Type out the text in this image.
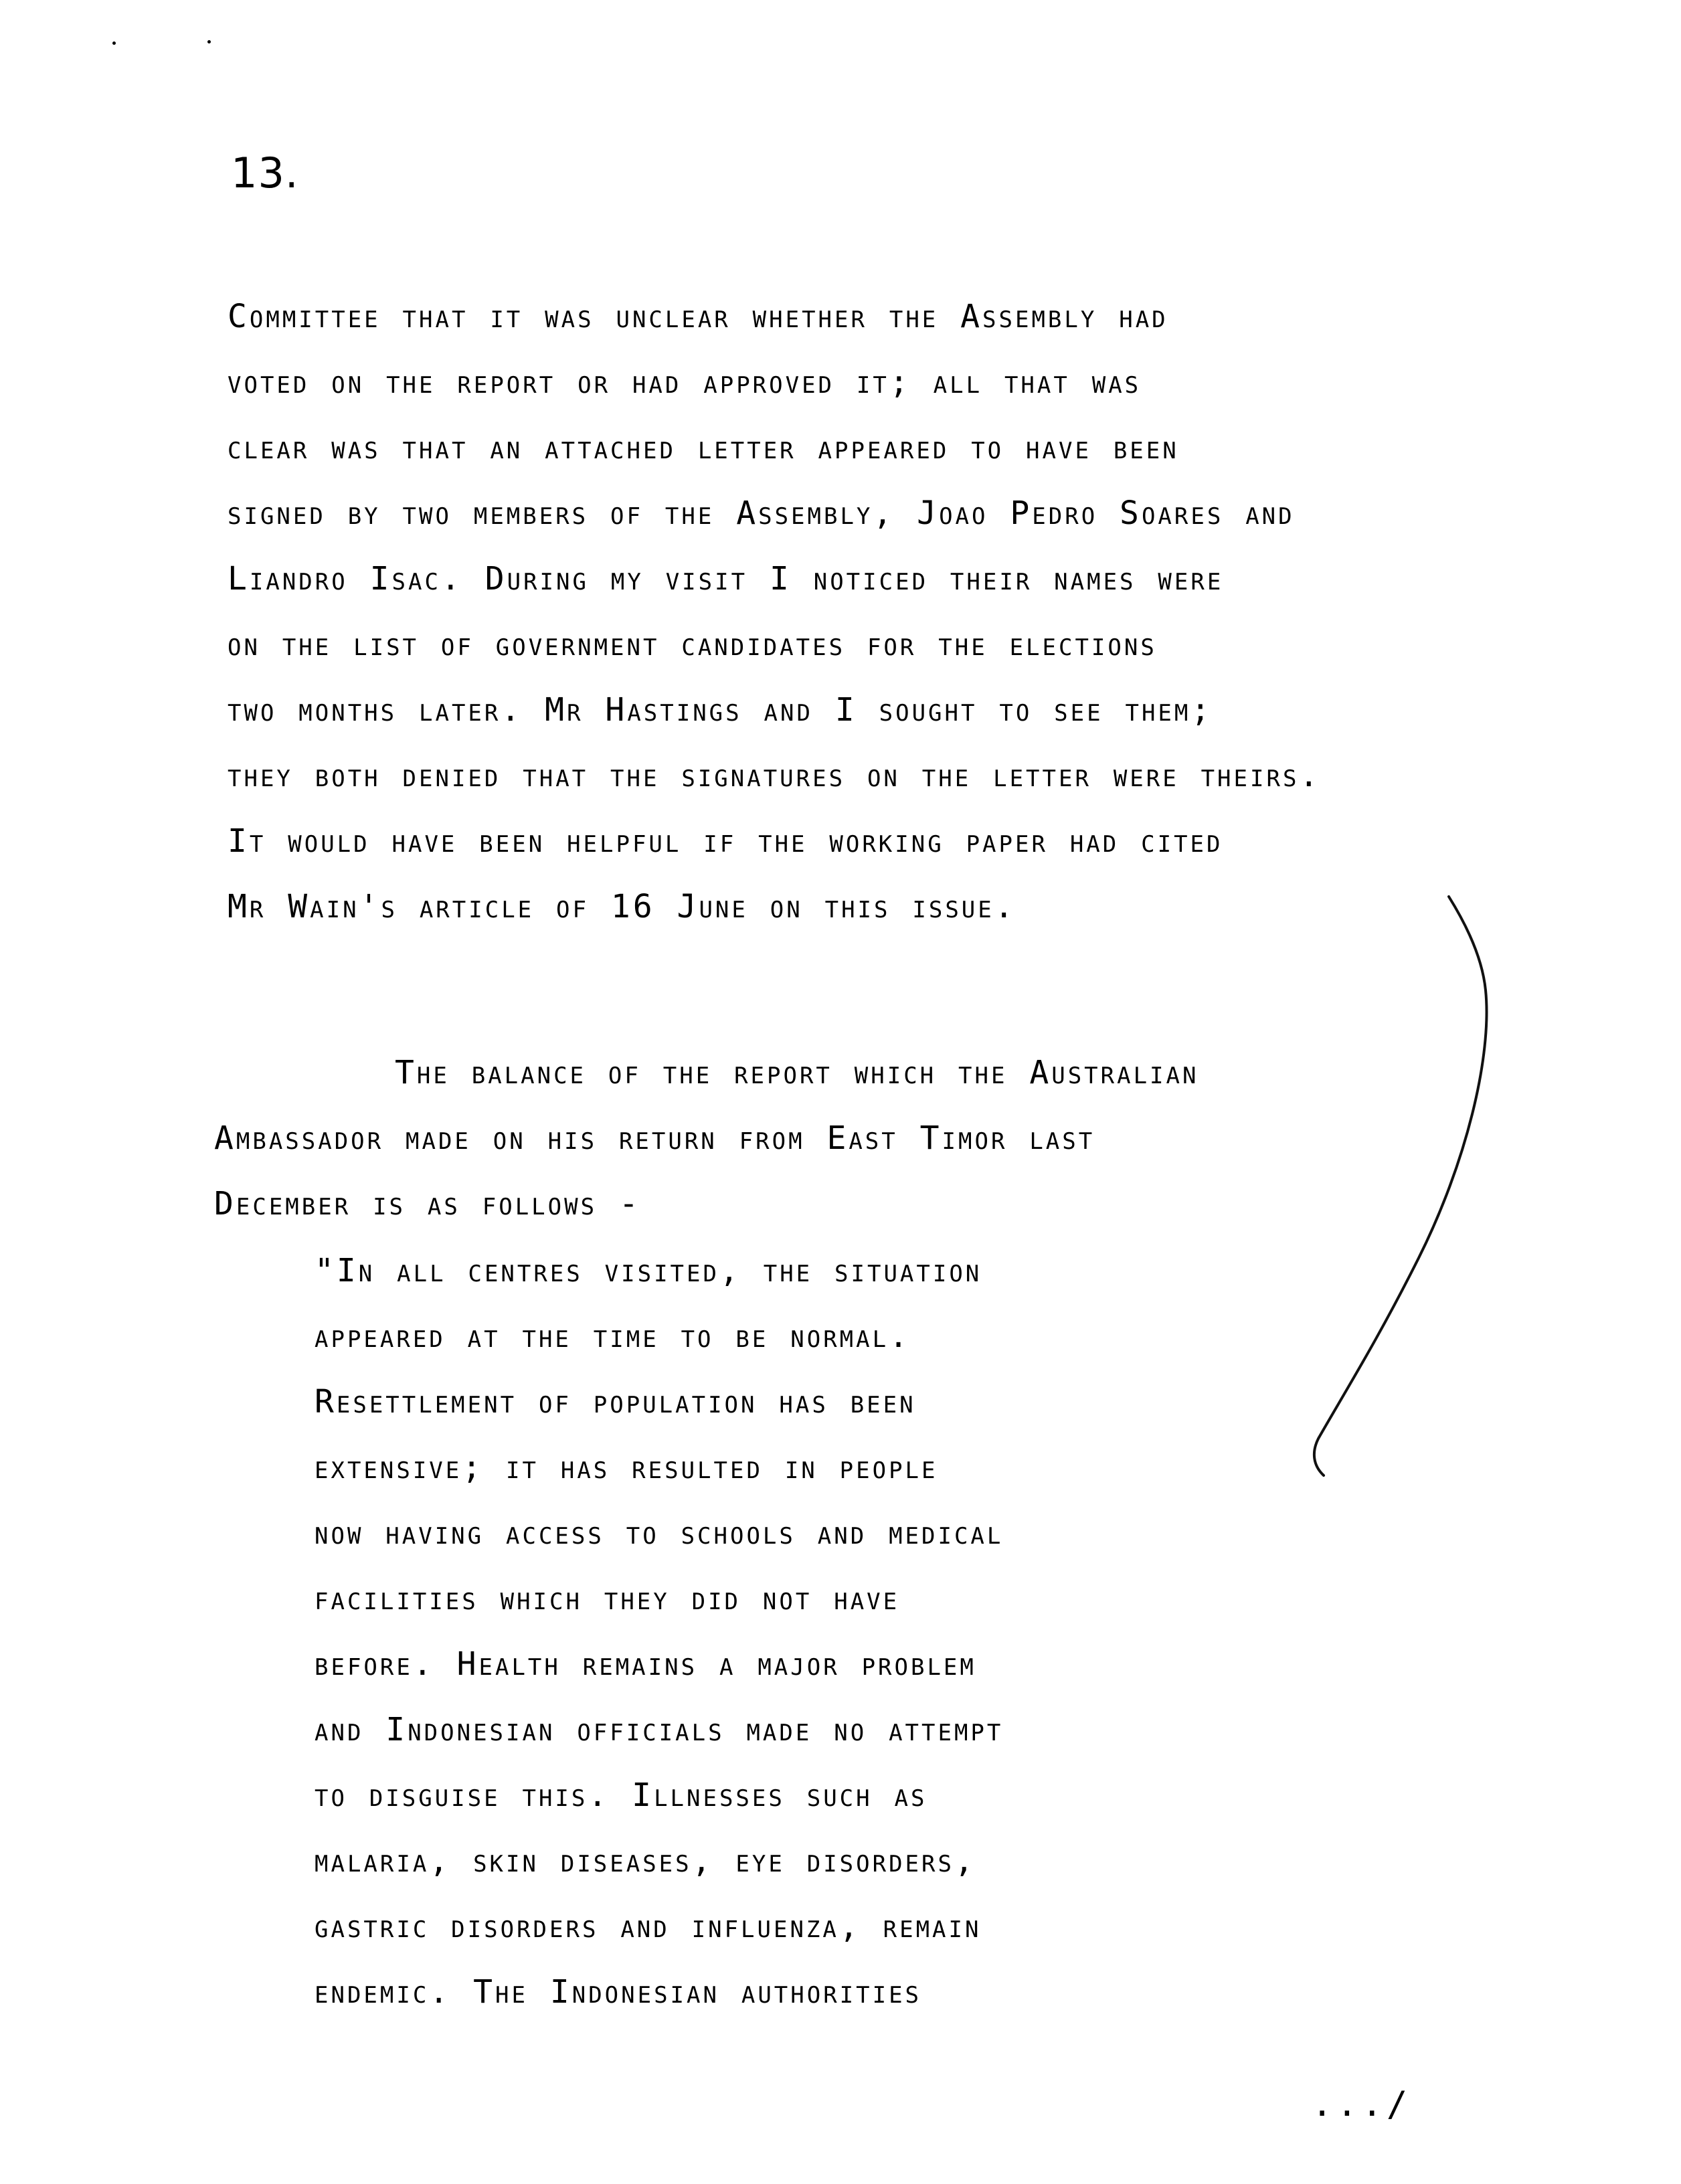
13.

Committee that it was unclear whether the Assembly had
voted on the report or had approved it; all that was
clear was that an attached letter appeared to have been
signed by two members of the Assembly, Joao Pedro Soares and
Liandro Isac. During my visit I noticed their names were
on the list of government candidates for the elections
two months later. Mr Hastings and I sought to see them;
they both denied that the signatures on the letter were theirs.
It would have been helpful if the working paper had cited
Mr Wain's article of 16 June on this issue.

The balance of the report which the Australian
Ambassador made on his return from East Timor last
December is as follows -

"In all centres visited, the situation
appeared at the time to be normal.
Resettlement of population has been
extensive; it has resulted in people
now having access to schools and medical
facilities which they did not have
before. Health remains a major problem
and Indonesian officials made no attempt
to disguise this. Illnesses such as
malaria, skin diseases, eye disorders,
gastric disorders and influenza, remain
endemic. The Indonesian authorities

.../
